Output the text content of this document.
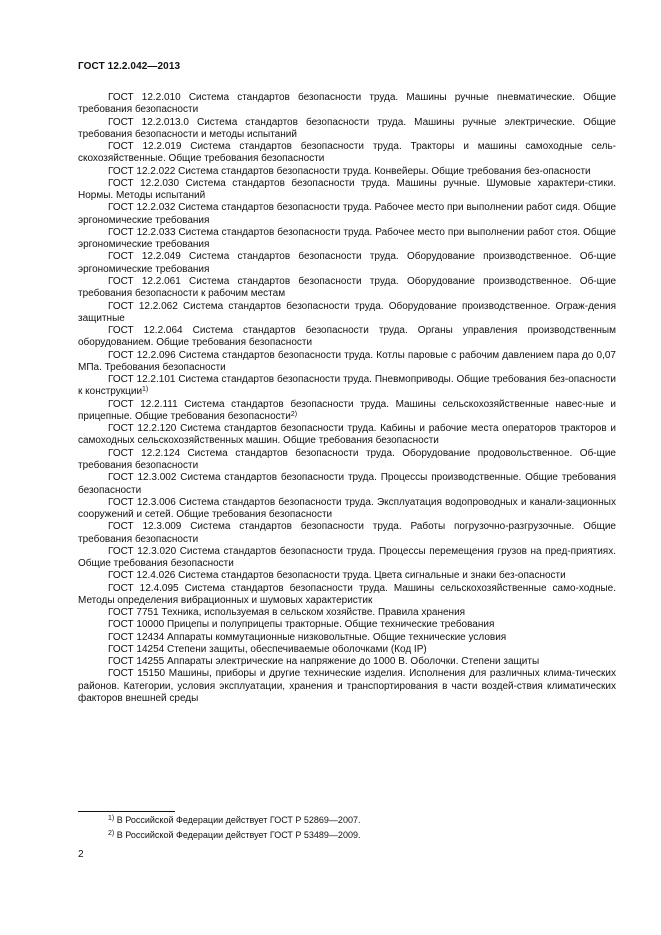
ГОСТ 12.2.042—2013

ГОСТ 12.2.010 Система стандартов безопасности труда. Машины ручные пневматические. Общие требования безопасности

ГОСТ 12.2.013.0 Система стандартов безопасности труда. Машины ручные электрические. Общие требования безопасности и методы испытаний

ГОСТ 12.2.019 Система стандартов безопасности труда. Тракторы и машины самоходные сель-скохозяйственные. Общие требования безопасности

ГОСТ 12.2.022 Система стандартов безопасности труда. Конвейеры. Общие требования без-опасности

ГОСТ 12.2.030 Система стандартов безопасности труда. Машины ручные. Шумовые характери-стики. Нормы. Методы испытаний

ГОСТ 12.2.032 Система стандартов безопасности труда. Рабочее место при выполнении работ сидя. Общие эргономические требования

ГОСТ 12.2.033 Система стандартов безопасности труда. Рабочее место при выполнении работ стоя. Общие эргономические требования

ГОСТ 12.2.049 Система стандартов безопасности труда. Оборудование производственное. Об-щие эргономические требования

ГОСТ 12.2.061 Система стандартов безопасности труда. Оборудование производственное. Об-щие требования безопасности к рабочим местам

ГОСТ 12.2.062 Система стандартов безопасности труда. Оборудование производственное. Ограж-дения защитные

ГОСТ 12.2.064 Система стандартов безопасности труда. Органы управления производственным оборудованием. Общие требования безопасности

ГОСТ 12.2.096 Система стандартов безопасности труда. Котлы паровые с рабочим давлением пара до 0,07 МПа. Требования безопасности

ГОСТ 12.2.101 Система стандартов безопасности труда. Пневмоприводы. Общие требования без-опасности к конструкции$^{1)}$

ГОСТ 12.2.111 Система стандартов безопасности труда. Машины сельскохозяйственные навес-ные и прицепные. Общие требования безопасности$^{2)}$

ГОСТ 12.2.120 Система стандартов безопасности труда. Кабины и рабочие места операторов тракторов и самоходных сельскохозяйственных машин. Общие требования безопасности

ГОСТ 12.2.124 Система стандартов безопасности труда. Оборудование продовольственное. Об-щие требования безопасности

ГОСТ 12.3.002 Система стандартов безопасности труда. Процессы производственные. Общие требования безопасности

ГОСТ 12.3.006 Система стандартов безопасности труда. Эксплуатация водопроводных и канали-зационных сооружений и сетей. Общие требования безопасности

ГОСТ 12.3.009 Система стандартов безопасности труда. Работы погрузочно-разгрузочные. Общие требования безопасности

ГОСТ 12.3.020 Система стандартов безопасности труда. Процессы перемещения грузов на пред-приятиях. Общие требования безопасности

ГОСТ 12.4.026 Система стандартов безопасности труда. Цвета сигнальные и знаки без-опасности

ГОСТ 12.4.095 Система стандартов безопасности труда. Машины сельскохозяйственные само-ходные. Методы определения вибрационных и шумовых характеристик

ГОСТ 7751 Техника, используемая в сельском хозяйстве. Правила хранения

ГОСТ 10000 Прицепы и полуприцепы тракторные. Общие технические требования

ГОСТ 12434 Аппараты коммутационные низковольтные. Общие технические условия

ГОСТ 14254 Степени защиты, обеспечиваемые оболочками (Код IP)

ГОСТ 14255 Аппараты электрические на напряжение до 1000 В. Оболочки. Степени защиты

ГОСТ 15150 Машины, приборы и другие технические изделия. Исполнения для различных клима-тических районов. Категории, условия эксплуатации, хранения и транспортирования в части воздей-ствия климатических факторов внешней среды

$^{1)}$ В Российской Федерации действует ГОСТ Р 52869—2007.
$^{2)}$ В Российской Федерации действует ГОСТ Р 53489—2009.
2
